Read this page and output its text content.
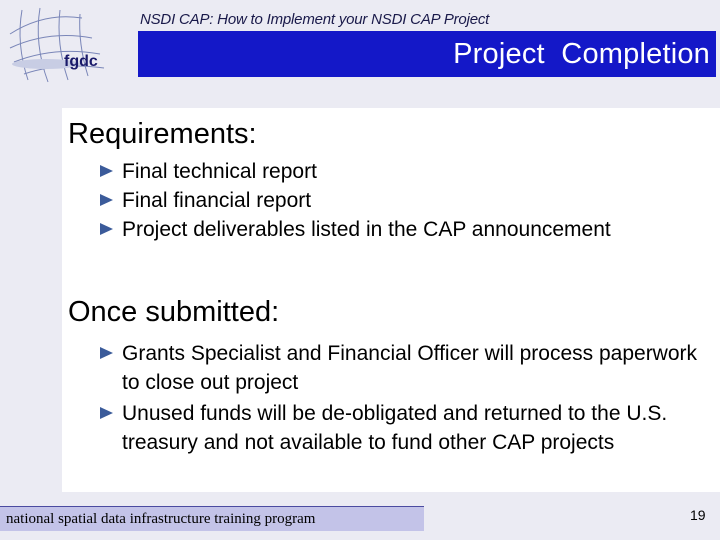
fgdc
NSDI CAP: How to Implement your NSDI CAP Project
Project  Completion
Requirements:
Final technical report
Final financial report
Project deliverables listed in the CAP announcement
Once submitted:
Grants Specialist and Financial Officer will process paperwork to close out project
Unused funds will be de-obligated and returned to the U.S. treasury and not available to fund other CAP projects
national spatial data infrastructure training program	19
